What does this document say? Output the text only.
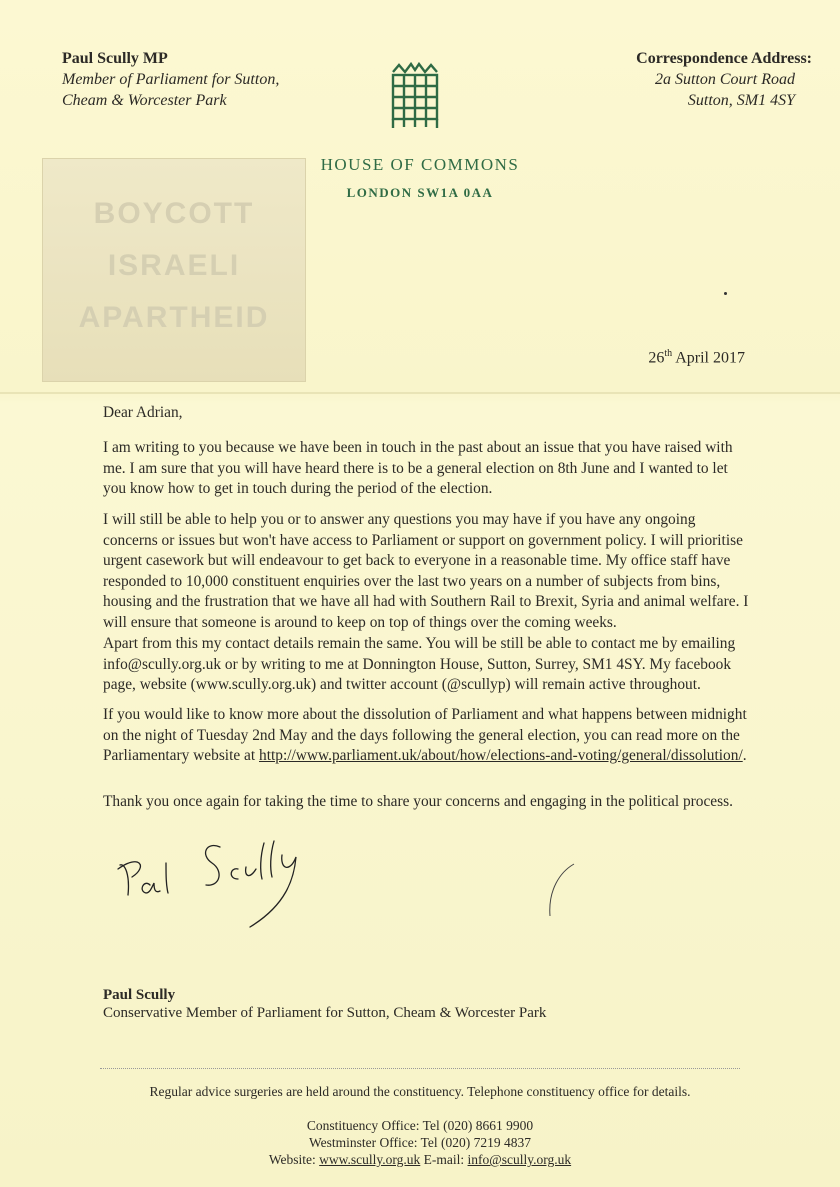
Paul Scully MP
Member of Parliament for Sutton,
Cheam & Worcester Park
Correspondence Address:
2a Sutton Court Road
Sutton, SM1 4SY
HOUSE OF COMMONS
LONDON SW1A 0AA
BOYCOTT
ISRAELI
APARTHEID
26th April 2017
Dear Adrian,
I am writing to you because we have been in touch in the past about an issue that you have raised with me. I am sure that you will have heard there is to be a general election on 8th June and I wanted to let you know how to get in touch during the period of the election.
I will still be able to help you or to answer any questions you may have if you have any ongoing concerns or issues but won't have access to Parliament or support on government policy. I will prioritise urgent casework but will endeavour to get back to everyone in a reasonable time. My office staff have responded to 10,000 constituent enquiries over the last two years on a number of subjects from bins, housing and the frustration that we have all had with Southern Rail to Brexit, Syria and animal welfare. I will ensure that someone is around to keep on top of things over the coming weeks.
Apart from this my contact details remain the same. You will be still be able to contact me by emailing info@scully.org.uk or by writing to me at Donnington House, Sutton, Surrey, SM1 4SY. My facebook page, website (www.scully.org.uk) and twitter account (@scullyp) will remain active throughout.
If you would like to know more about the dissolution of Parliament and what happens between midnight on the night of Tuesday 2nd May and the days following the general election, you can read more on the Parliamentary website at http://www.parliament.uk/about/how/elections-and-voting/general/dissolution/.
Thank you once again for taking the time to share your concerns and engaging in the political process.
Paul Scully
Conservative Member of Parliament for Sutton, Cheam & Worcester Park
Regular advice surgeries are held around the constituency. Telephone constituency office for details.
Constituency Office: Tel (020) 8661 9900
Westminster Office: Tel (020) 7219 4837
Website: www.scully.org.uk E-mail: info@scully.org.uk
